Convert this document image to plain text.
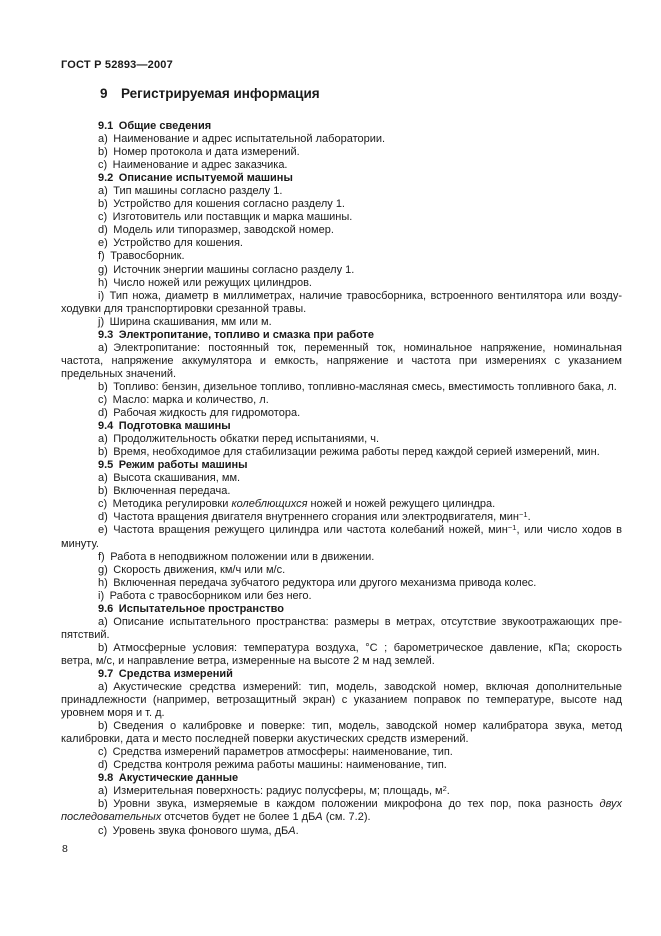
ГОСТ Р 52893—2007
9 Регистрируемая информация

9.1 Общие сведения

a) Наименование и адрес испытательной лаборатории.

b) Номер протокола и дата измерений.

c) Наименование и адрес заказчика.

9.2 Описание испытуемой машины

a) Тип машины согласно разделу 1.

b) Устройство для кошения согласно разделу 1.

c) Изготовитель или поставщик и марка машины.

d) Модель или типоразмер, заводской номер.

e) Устройство для кошения.

f) Травосборник.

g) Источник энергии машины согласно разделу 1.

h) Число ножей или режущих цилиндров.

i) Тип ножа, диаметр в миллиметрах, наличие травосборника, встроенного вентилятора или воздуходувки для транспортировки срезанной травы.

j) Ширина скашивания, мм или м.

9.3 Электропитание, топливо и смазка при работе

a) Электропитание: постоянный ток, переменный ток, номинальное напряжение, номинальная частота, напряжение аккумулятора и емкость, напряжение и частота при измерениях с указанием предельных значений.

b) Топливо: бензин, дизельное топливо, топливно-масляная смесь, вместимость топливного бака, л.

c) Масло: марка и количество, л.

d) Рабочая жидкость для гидромотора.

9.4 Подготовка машины

a) Продолжительность обкатки перед испытаниями, ч.

b) Время, необходимое для стабилизации режима работы перед каждой серией измерений, мин.

9.5 Режим работы машины

a) Высота скашивания, мм.

b) Включенная передача.

c) Методика регулировки колеблющихся ножей и ножей режущего цилиндра.

d) Частота вращения двигателя внутреннего сгорания или электродвигателя, мин$^{-1}$.

e) Частота вращения режущего цилиндра или частота колебаний ножей, мин$^{-1}$, или число ходов в минуту.

f) Работа в неподвижном положении или в движении.

g) Скорость движения, км/ч или м/с.

h) Включенная передача зубчатого редуктора или другого механизма привода колес.

i) Работа с травосборником или без него.

9.6 Испытательное пространство

a) Описание испытательного пространства: размеры в метрах, отсутствие звукоотражающих препятствий.

b) Атмосферные условия: температура воздуха, °С ; барометрическое давление, кПа; скорость ветра, м/с, и направление ветра, измеренные на высоте 2 м над землей.

9.7 Средства измерений

a) Акустические средства измерений: тип, модель, заводской номер, включая дополнительные принадлежности (например, ветрозащитный экран) с указанием поправок по температуре, высоте над уровнем моря и т. д.

b) Сведения о калибровке и поверке: тип, модель, заводской номер калибратора звука, метод калибровки, дата и место последней поверки акустических средств измерений.

c) Средства измерений параметров атмосферы: наименование, тип.

d) Средства контроля режима работы машины: наименование, тип.

9.8 Акустические данные

a) Измерительная поверхность: радиус полусферы, м; площадь, $м^2$.

b) Уровни звука, измеряемые в каждом положении микрофона до тех пор, пока разность двух последовательных отсчетов будет не более 1 дБА (см. 7.2).

c) Уровень звука фонового шума, дБА.

8
